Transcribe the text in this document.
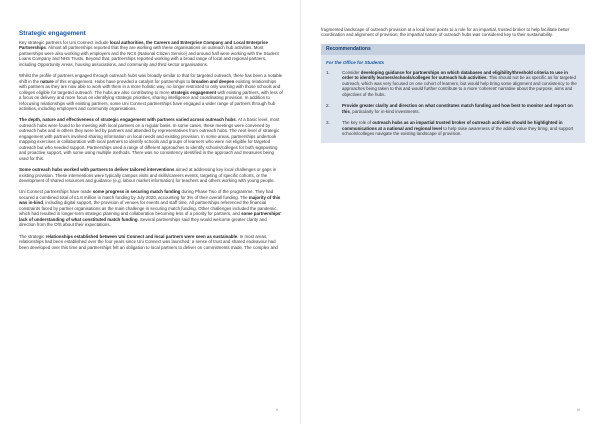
Strategic engagement

Key strategic partners for Uni Connect include local authorities, the Careers and Enterprise Company and Local Enterprise Partnerships. Almost all partnerships reported that they are working with these organisations on outreach hub activities. Most partnerships were also working with employers and the NCS (National Citizen Service) and around half were working with the Student Loans Company and NHS Trusts. Beyond that, partnerships reported working with a broad range of local and regional partners, including Opportunity Areas, housing associations, and community and third sector organisations.

Whilst the profile of partners engaged through outreach hubs was broadly similar to that for targeted outreach, there has been a notable shift in the nature of this engagement. Hubs have provided a catalyst for partnerships to broaden and deepen existing relationships with partners as they are now able to work with them in a more holistic way, no longer restricted to only working with those schools and colleges eligible for targeted outreach. The hubs are also contributing to more strategic engagement with existing partners, with less of a focus on delivery and more focus on identifying strategic priorities, sharing intelligence and coordinating provision. In addition to refocusing relationships with existing partners, some Uni Connect partnerships have engaged a wider range of partners through hub activities, including employers and community organisations.

The depth, nature and effectiveness of strategic engagement with partners varied across outreach hubs. At a basic level, most outreach hubs were found to be meeting with local partners on a regular basis. In some cases, these meetings were convened by outreach hubs and in others they were led by partners and attended by representatives from outreach hubs. The next level of strategic engagement with partners involved sharing information on local needs and existing provision. In some areas, partnerships undertook mapping exercises in collaboration with local partners to identify schools and groups of learners who were not eligible for targeted outreach but who needed support. Partnerships used a range of different approaches to identify schools/colleges for both signposting and proactive support, with some using multiple methods. There was no consistency identified in the approach and measures being used for this.

Some outreach hubs worked with partners to deliver tailored interventions aimed at addressing key local challenges or gaps in existing provision. These interventions were typically campus visits and skills/careers events, targeting of specific cohorts, or the development of shared resources and guidance (e.g. labour market information) for teachers and others working with young people.

Uni Connect partnerships have made some progress in securing match funding during Phase Two of the programme. They had secured a combined total of £1.8 million in match funding by July 2020, accounting for 3% of their overall funding. The majority of this was in-kind, including digital support, the provision of venues for events and staff time. All partnerships referenced the financial constraints faced by partner organisations as the main challenge in securing match funding. Other challenges included the pandemic, which had resulted in longer-term strategic planning and collaboration becoming less of a priority for partners, and some partnerships' lack of understanding of what constituted match funding. Several partnerships said they would welcome greater clarity and direction from the OfS about their expectations.

The strategic relationships established between Uni Connect and local partners were seen as sustainable. In most areas, relationships had been established over the four years since Uni Connect was launched; a sense of trust and shared endeavour had been developed over this time and partnerships felt an obligation to local partners to deliver on commitments made. The complex and

ii

fragmented landscape of outreach provision at a local level points to a role for an impartial, trusted broker to help facilitate better coordination and alignment of provision; the impartial nature of outreach hubs was considered key to their sustainability.

Recommendations
For the Office for Students
1.	Consider developing guidance for partnerships on which databases and eligibility/threshold criteria to use in order to identify learners/schools/colleges for outreach hub activities. This should not be as specific as for targeted outreach, which was very focused on one cohort of learners, but would help bring some alignment and consistency to the approaches being taken to this and would further contribute to a more 'coherent' narrative about the purpose, aims and objectives of the hubs.
2.	Provide greater clarity and direction on what constitutes match funding and how best to monitor and report on this, particularly for in-kind investments.
3.	The key role of outreach hubs as an impartial trusted broker of outreach activities should be highlighted in communications at a national and regional level to help raise awareness of the added value they bring, and support schools/colleges navigate the existing landscape of provision.
iii
